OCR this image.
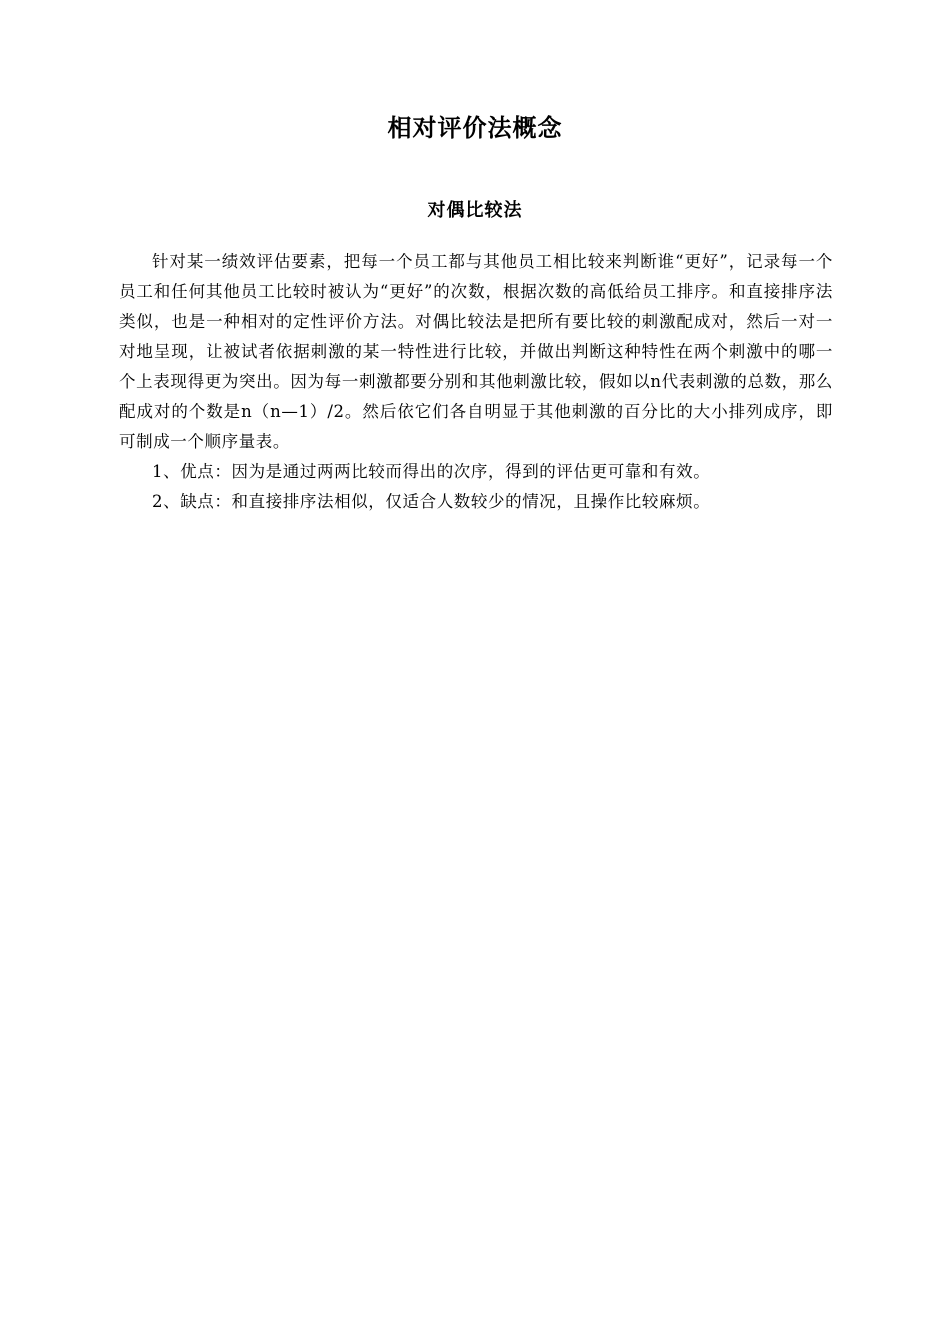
相对评价法概念
对偶比较法

针对某一绩效评估要素，把每一个员工都与其他员工相比较来判断谁“更好”，记录每一个员工和任何其他员工比较时被认为“更好”的次数，根据次数的高低给员工排序。和直接排序法类似，也是一种相对的定性评价方法。对偶比较法是把所有要比较的刺激配成对，然后一对一对地呈现，让被试者依据刺激的某一特性进行比较，并做出判断这种特性在两个刺激中的哪一个上表现得更为突出。因为每一刺激都要分别和其他刺激比较，假如以n代表刺激的总数，那么配成对的个数是n（n—1）/2。然后依它们各自明显于其他刺激的百分比的大小排列成序，即可制成一个顺序量表。

1、优点：因为是通过两两比较而得出的次序，得到的评估更可靠和有效。

2、缺点：和直接排序法相似，仅适合人数较少的情况，且操作比较麻烦。
